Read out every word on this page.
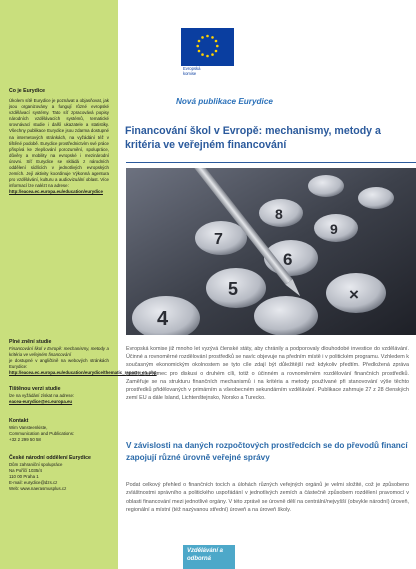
Co je Eurydice
Úkolem sítě Eurydice je poznávat a objasňovat, jak jsou organizovány a fungují různé evropské vzdělávací systémy. Tato síť zpracovává popisy národních vzdělávacích systémů, tematické srovnávací studie i další ukazatele a statistiky. Všechny publikace Eurydice jsou zdarma dostupné na internetových stránkách, na vyžádání též v tištěné podobě. Eurydice prostřednictvím své práce přispívá ke zlepšování porozumění, spolupráce, důvěry a mobility na evropské i mezinárodní úrovni. Síť Eurydice se skládá z národních oddělení sídlících v jednotlivých evropských zemích. Její aktivity koordinuje Výkonná agentura pro vzdělávání, kulturu a audiovizuální oblast. Více informací lze nalézt na adrese:
http://eacea.ec.europa.eu/education/eurydice
Plné znění studie
Financování škol v Evropě: mechanismy, metody a kritéria ve veřejném financování
je dostupné v angličtině na webových stránkách Eurydice:
http://eacea.ec.europa.eu/education/eurydice/thematic_reports_en.php
Tištěnou verzi studie
lze na vyžádání získat na adrese:
eacea-eurydice@ec.europa.eu
Kontakt
Wim Vansteenkiste,
Communication and Publications:
+32 2 299 50 58
České národní oddělení Eurydice
Dům zahraniční spolupráce
Na Poříčí 1035/4
110 00 Praha 1
E-mail: eurydice@dzs.cz
Web: www.naerasmusplus.cz
Evropská
komise
Nová publikace Eurydice
Financování škol v Evropě: mechanismy, metody a kritéria ve veřejném financování
4
5
7
6
8
9
×
Evropská komise již mnoho let vyzývá členské státy, aby chránily a podporovaly dlouhodobé investice do vzdělávání. Účinné a rovnoměrné rozdělování prostředků se navíc objevuje na předním místě i v politickém programu. Vzhledem k současným ekonomickým okolnostem se tyto cíle zdají být důležitější než kdykoliv předtím. Předložená zpráva poskytuje rámec pro diskusi o druhém cíli, totiž o účinném a rovnoměrném rozdělování finančních prostředků. Zaměřuje se na strukturu finančních mechanismů i na kritéria a metody používané při stanovování výše těchto prostředků přidělovaných v primárním a všeobecném sekundárním vzdělávání. Publikace zahrnuje 27 z 28 členských zemí EU a dále Island, Lichtenštejnsko, Norsko a Turecko.
V závislosti na daných rozpočtových prostředcích se do převodů financí zapojují různé úrovně veřejné správy
Podat celkový přehled o finančních tocích a úlohách různých veřejných orgánů je velmi složité, což je způsobeno zvláštnostmi správního a politického uspořádání v jednotlivých zemích a částečně způsobem rozdělení pravomocí v oblasti financování mezi jednotlivé orgány. V této zprávě se úrovně dělí na centrální/nejvyšší (obvykle národní) úroveň, regionální a místní (též nazývanou střední) úroveň a na úroveň školy.
Vzdělávání a
odborná
